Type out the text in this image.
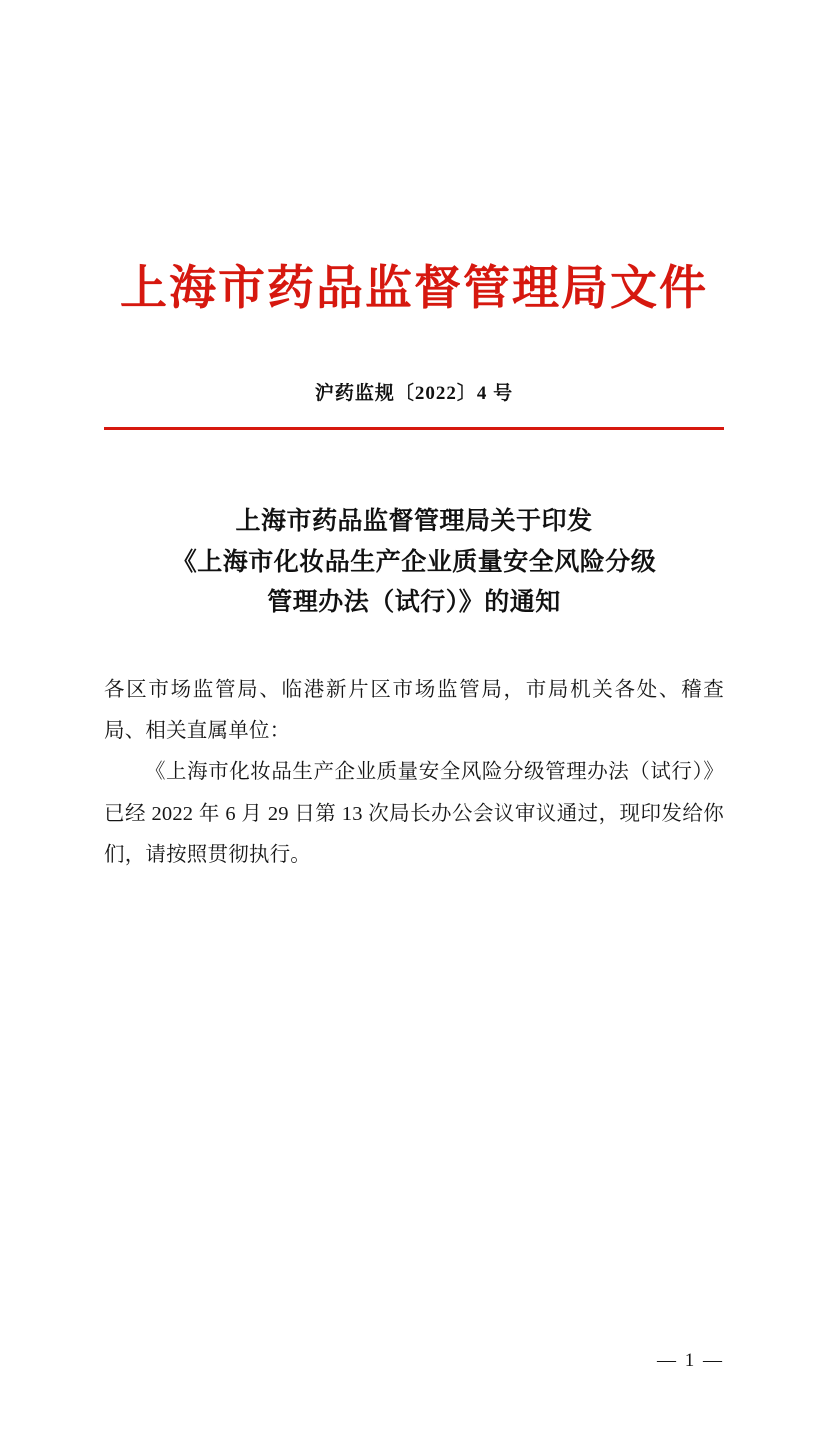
上海市药品监督管理局文件
沪药监规〔2022〕4 号
上海市药品监督管理局关于印发
《上海市化妆品生产企业质量安全风险分级
管理办法（试行）》的通知

各区市场监管局、临港新片区市场监管局，市局机关各处、稽查局、相关直属单位：

《上海市化妆品生产企业质量安全风险分级管理办法（试行）》已经 2022 年 6 月 29 日第 13 次局长办公会议审议通过，现印发给你们，请按照贯彻执行。

— 1 —
